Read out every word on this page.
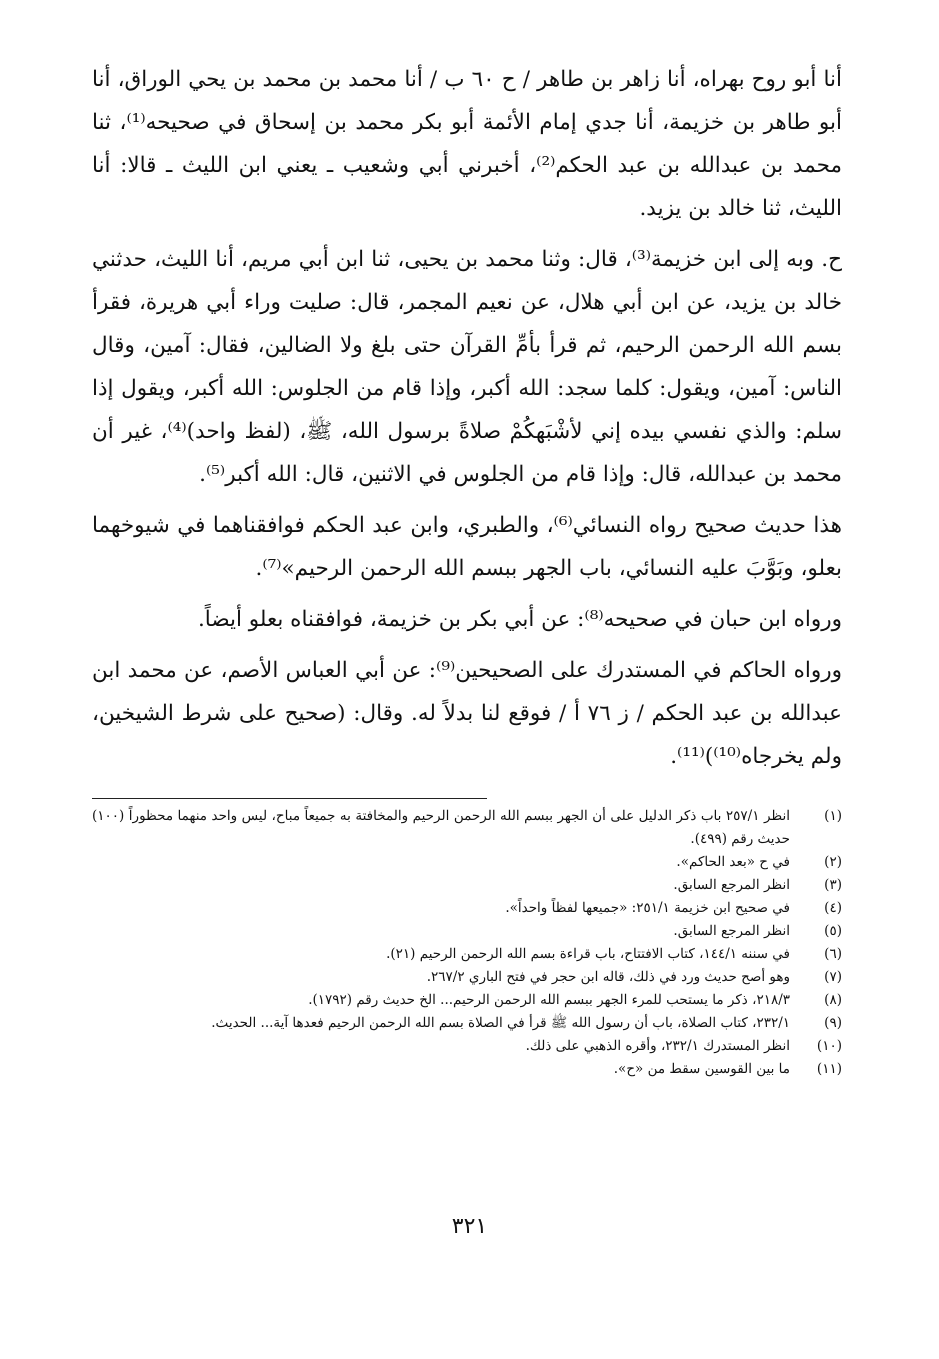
أنا أبو روح بهراه، أنا زاهر بن طاهر / ح ٦٠ ب / أنا محمد بن محمد بن يحي الوراق، أنا أبو طاهر بن خزيمة، أنا جدي إمام الأئمة أبو بكر محمد بن إسحاق في صحيحه⁽¹⁾، ثنا محمد بن عبدالله بن عبد الحكم⁽²⁾، أخبرني أبي وشعيب ـ يعني ابن الليث ـ قالا: أنا الليث، ثنا خالد بن يزيد.

ح. وبه إلى ابن خزيمة⁽³⁾، قال: وثنا محمد بن يحيى، ثنا ابن أبي مريم، أنا الليث، حدثني خالد بن يزيد، عن ابن أبي هلال، عن نعيم المجمر، قال: صليت وراء أبي هريرة، فقرأ بسم الله الرحمن الرحيم، ثم قرأ بأمِّ القرآن حتى بلغ ولا الضالين، فقال: آمين، وقال الناس: آمين، ويقول: كلما سجد: الله أكبر، وإذا قام من الجلوس: الله أكبر، ويقول إذا سلم: والذي نفسي بيده إني لأشْبَهكُمْ صلاةً برسول الله، ﷺ، (لفظ واحد)⁽⁴⁾، غير أن محمد بن عبدالله، قال: وإذا قام من الجلوس في الاثنين، قال: الله أكبر⁽⁵⁾.

هذا حديث صحيح رواه النسائي⁽⁶⁾، والطبري، وابن عبد الحكم فوافقناهما في شيوخهما بعلو، وبَوَّبَ عليه النسائي، باب الجهر ببسم الله الرحمن الرحيم»⁽⁷⁾.

ورواه ابن حبان في صحيحه⁽⁸⁾: عن أبي بكر بن خزيمة، فوافقناه بعلو أيضاً.

ورواه الحاكم في المستدرك على الصحيحين⁽⁹⁾: عن أبي العباس الأصم، عن محمد ابن عبدالله بن عبد الحكم / ز ٧٦ أ / فوقع لنا بدلاً له. وقال: (صحيح على شرط الشيخين، ولم يخرجاه⁽¹⁰⁾)⁽¹¹⁾.

(١)
انظر ٢٥٧/١ باب ذكر الدليل على أن الجهر ببسم الله الرحمن الرحيم والمخافتة به جميعاً مباح، ليس واحد منهما محظوراً (١٠٠) حديث رقم (٤٩٩).
(٢)
في ح «بعد الحاكم».
(٣)
انظر المرجع السابق.
(٤)
في صحيح ابن خزيمة ٢٥١/١: «جميعها لفظاً واحداً».
(٥)
انظر المرجع السابق.
(٦)
في سننه ١٤٤/١، كتاب الافتتاح، باب قراءة بسم الله الرحمن الرحيم (٢١).
(٧)
وهو أصح حديث ورد في ذلك، قاله ابن حجر في فتح الباري ٢٦٧/٢.
(٨)
٢١٨/٣، ذكر ما يستحب للمرء الجهر ببسم الله الرحمن الرحيم... الخ حديث رقم (١٧٩٢).
(٩)
٢٣٢/١، كتاب الصلاة، باب أن رسول الله ﷺ قرأ في الصلاة بسم الله الرحمن الرحيم فعدها آية... الحديث.
(١٠)
انظر المستدرك ٢٣٢/١، وأقره الذهبي على ذلك.
(١١)
ما بين القوسين سقط من «ح».
٣٢١
